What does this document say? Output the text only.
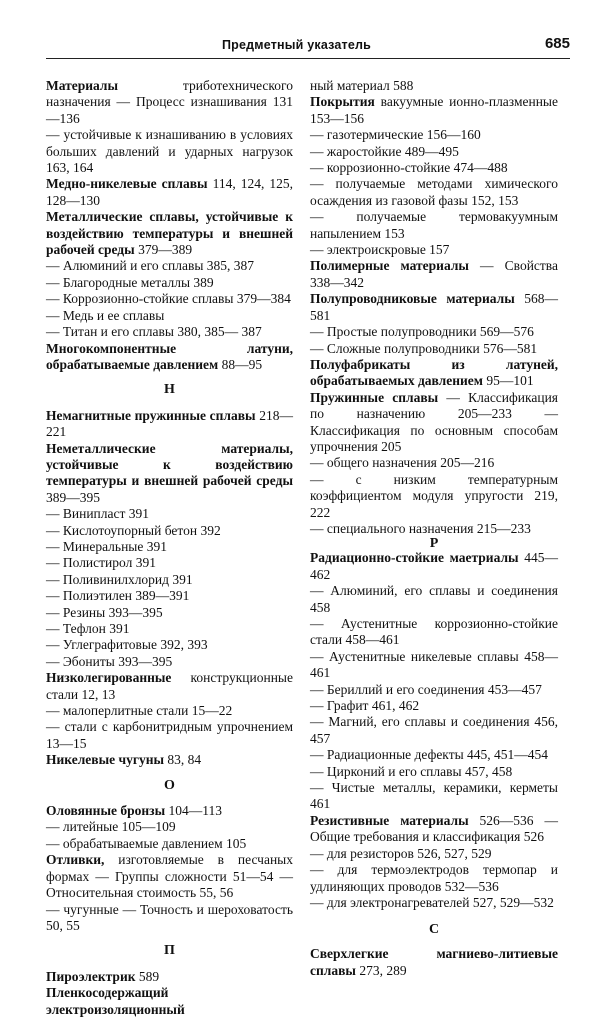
Предметный указатель	685
Материалы триботехнического назначения — Процесс изнашивания 131—136
— устойчивые к изнашиванию в условиях больших давлений и ударных нагрузок 163, 164
Медно-никелевые сплавы 114, 124, 125, 128—130
Металлические сплавы, устойчивые к воздействию температуры и внешней рабочей среды 379—389
— Алюминий и его сплавы 385, 387
— Благородные металлы 389
— Коррозионно-стойкие сплавы 379—384
— Медь и ее сплавы
— Титан и его сплавы 380, 385— 387
Многокомпонентные латуни, обрабатываемые давлением 88—95
Н
Немагнитные пружинные сплавы 218—221
Неметаллические материалы, устойчивые к воздействию температуры и внешней рабочей среды 389—395
— Винипласт 391
— Кислотоупорный бетон 392
— Минеральные 391
— Полистирол 391
— Поливинилхлорид 391
— Полиэтилен 389—391
— Резины 393—395
— Тефлон 391
— Углеграфитовые 392, 393
— Эбониты 393—395
Низколегированные конструкционные стали 12, 13
— малоперлитные стали 15—22
— стали с карбонитридным упрочнением 13—15
Никелевые чугуны 83, 84
О
Оловянные бронзы 104—113
— литейные 105—109
— обрабатываемые давлением 105
Отливки, изготовляемые в песчаных формах — Группы сложности 51—54 — Относительная стоимость 55, 56
— чугунные — Точность и шероховатость 50, 55
П
Пироэлектрик 589
Пленкосодержащий электроизоляционный
ный материал 588
Покрытия вакуумные ионно-плазменные 153—156
— газотермические 156—160
— жаростойкие 489—495
— коррозионно-стойкие 474—488
— получаемые методами химического осаждения из газовой фазы 152, 153
— получаемые термовакуумным напылением 153
— электроискровые 157
Полимерные материалы — Свойства 338—342
Полупроводниковые материалы 568—581
— Простые полупроводники 569—576
— Сложные полупроводники 576—581
Полуфабрикаты из латуней, обрабатываемых давлением 95—101
Пружинные сплавы — Классификация по назначению 205—233 — Классификация по основным способам упрочнения 205
— общего назначения 205—216
— с низким температурным коэффициентом модуля упругости 219, 222
— специального назначения 215—233
Р
Радиационно-стойкие маетриалы 445—462
— Алюминий, его сплавы и соединения 458
— Аустенитные коррозионно-стойкие стали 458—461
— Аустенитные никелевые сплавы 458—461
— Бериллий и его соединения 453—457
— Графит 461, 462
— Магний, его сплавы и соединения 456, 457
— Радиационные дефекты 445, 451—454
— Цирконий и его сплавы 457, 458
— Чистые металлы, керамики, керметы 461
Резистивные материалы 526—536 — Общие требования и классификация 526
— для резисторов 526, 527, 529
— для термоэлектродов термопар и удлиняющих проводов 532—536
— для электронагревателей 527, 529—532
С
Сверхлегкие магниево-литиевые сплавы 273, 289
